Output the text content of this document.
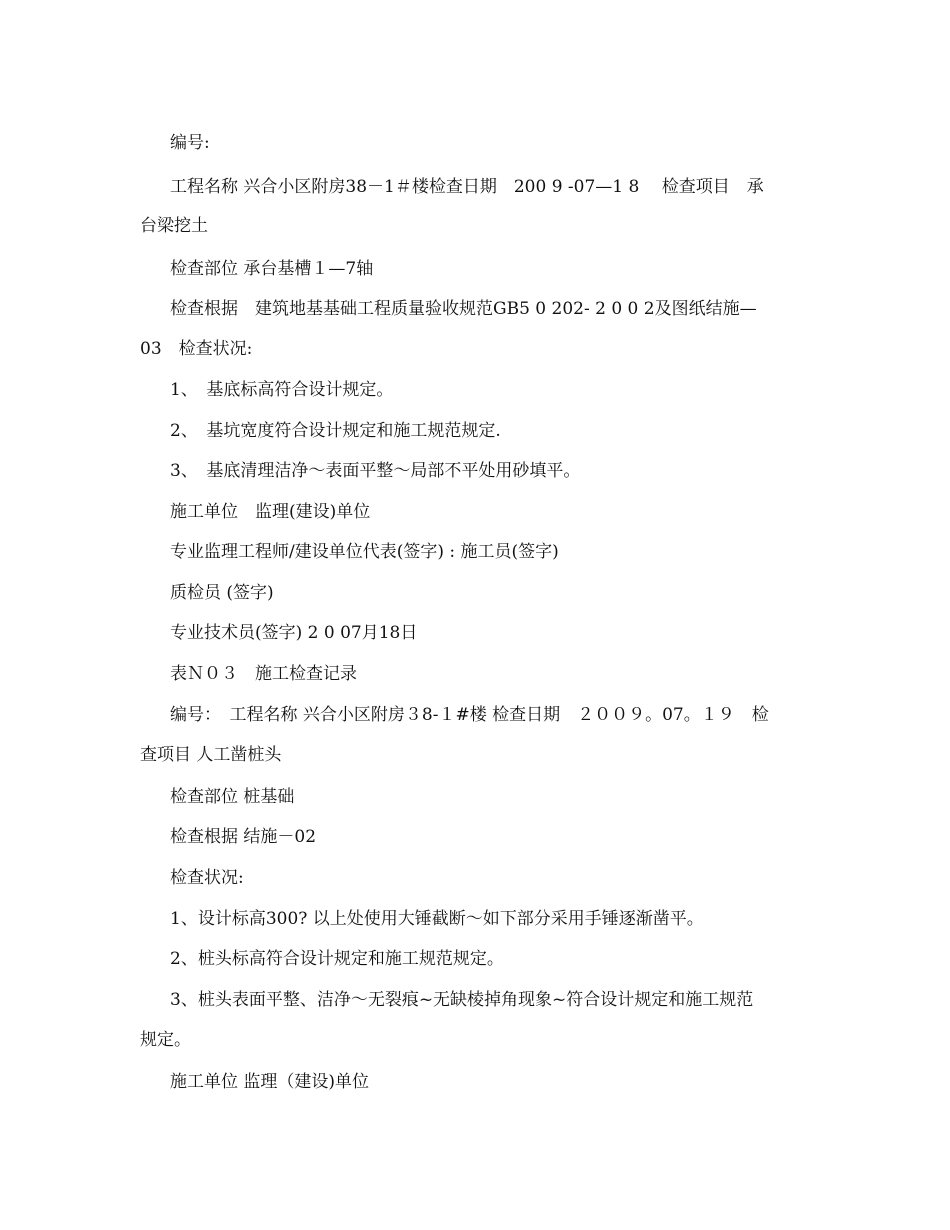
编号:
工程名称 兴合小区附房38－1＃楼检查日期　200 9 -07—1 8　 检查项目　承
台梁挖土
检查部位 承台基槽１—7轴
检查根据　建筑地基基础工程质量验收规范GB5 0 202- 2 0 0 2及图纸结施—
03　检查状况:
1、　基底标高符合设计规定。
2、　基坑宽度符合设计规定和施工规范规定.
3、　基底清理洁净～表面平整～局部不平处用砂填平。
施工单位　监理(建设)单位
专业监理工程师/建设单位代表(签字) : 施工员(签字)
质检员 (签字)
专业技术员(签字) 2 0 07月18日
表Ｎ０３　施工检查记录
编号：　工程名称 兴合小区附房３8-１#楼 检查日期　２００９。07。１９　检
查项目 人工凿桩头
检查部位 桩基础
检查根据 结施－02
检查状况:
1、设计标高300? 以上处使用大锤截断～如下部分采用手锤逐渐凿平。
2、桩头标高符合设计规定和施工规范规定。
3、桩头表面平整、洁净～无裂痕~无缺棱掉角现象~符合设计规定和施工规范
规定。
施工单位 监理（建设)单位
